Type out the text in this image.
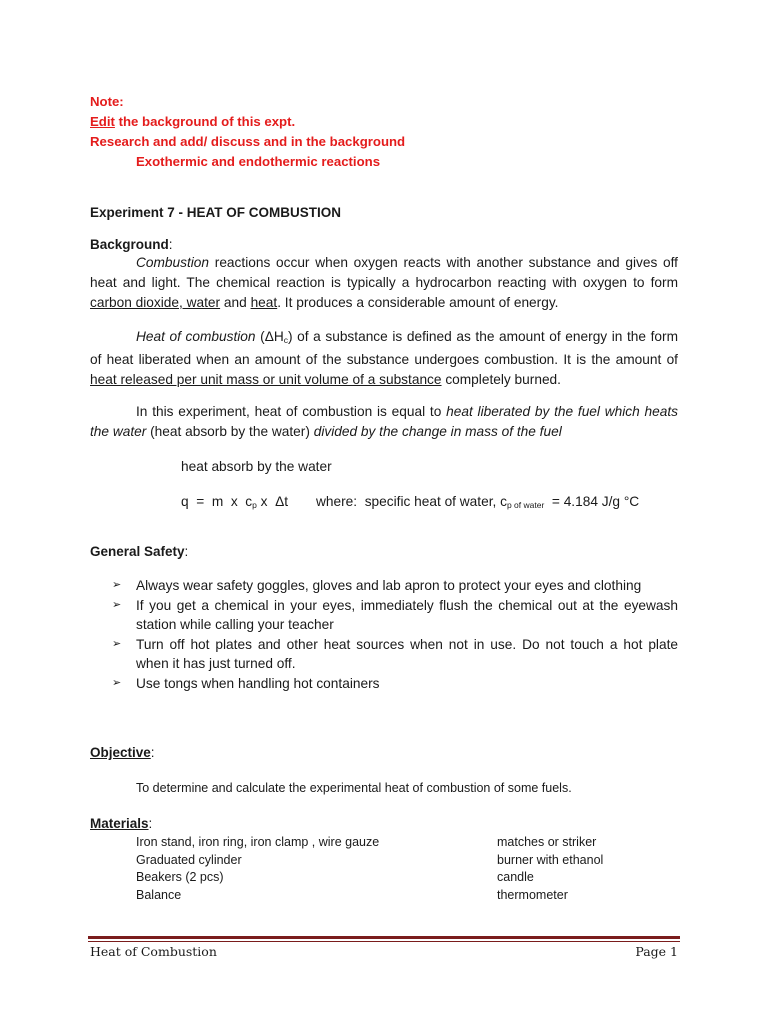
Note:
Edit the background of this expt.
Research and add/ discuss and in the background
Exothermic and endothermic reactions
Experiment 7 - HEAT OF COMBUSTION
Background:
Combustion reactions occur when oxygen reacts with another substance and gives off heat and light. The chemical reaction is typically a hydrocarbon reacting with oxygen to form carbon dioxide, water and heat. It produces a considerable amount of energy.
Heat of combustion $(\Delta H_c)$ of a substance is defined as the amount of energy in the form of heat liberated when an amount of the substance undergoes combustion. It is the amount of heat released per unit mass or unit volume of a substance completely burned.
In this experiment, heat of combustion is equal to heat liberated by the fuel which heats the water (heat absorb by the water) divided by the change in mass of the fuel
heat absorb by the water
q  =  m  x  $c_p$ x  Δt where:  specific heat of water, $c_{p of water} = 4.184$ J/g °C
General Safety:
➢ Always wear safety goggles, gloves and lab apron to protect your eyes and clothing
➢ If you get a chemical in your eyes, immediately flush the chemical out at the eyewash station while calling your teacher
➢ Turn off hot plates and other heat sources when not in use. Do not touch a hot plate when it has just turned off.
➢ Use tongs when handling hot containers
Objective:
To determine and calculate the experimental heat of combustion of some fuels.
Materials:
Iron stand, iron ring, iron clamp , wire gauze
Graduated cylinder
Beakers (2 pcs)
Balance
matches or striker
burner with ethanol
candle
thermometer
Heat of Combustion	Page 1
